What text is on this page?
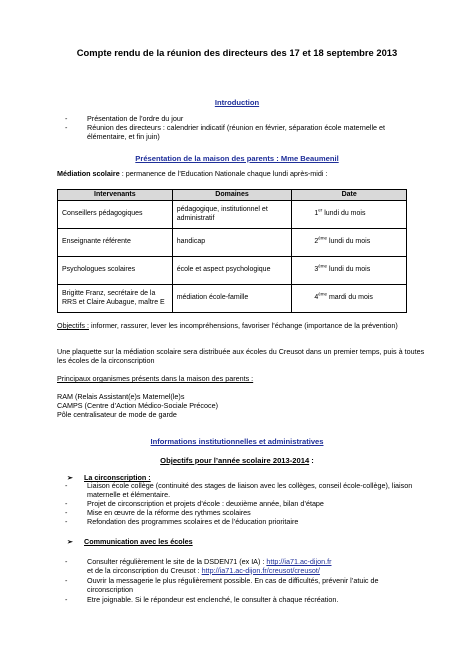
Compte rendu de la réunion des directeurs des 17 et 18 septembre 2013
Introduction
-	Présentation de l’ordre du jour
-	Réunion des directeurs : calendrier indicatif (réunion en février, séparation école maternelle et élémentaire, et fin juin)
Présentation de la maison des parents : Mme Beaumenil
Médiation scolaire : permanence de l’Education Nationale chaque lundi après-midi :
Intervenants	Domaines	Date
Conseillers pédagogiques	pédagogique, institutionnel et administratif	1er lundi du mois
Enseignante référente	handicap	2ème lundi du mois
Psychologues scolaires	école et aspect psychologique	3ème lundi du mois
Brigitte Franz, secrétaire de la RRS et Claire Aubague, maître E	médiation école-famille	4ème mardi du mois
Objectifs : informer, rassurer, lever les incompréhensions, favoriser l’échange (importance de la prévention)
Une plaquette sur la médiation scolaire sera distribuée aux écoles du Creusot dans un premier temps, puis à toutes les écoles de la circonscription
Principaux organismes présents dans la maison des parents :
RAM (Relais Assistant(e)s Maternel(le)s
CAMPS (Centre d’Action Médico-Sociale Précoce)
Pôle centralisateur de mode de garde
Informations institutionnelles et administratives
Objectifs pour l’année scolaire 2013-2014 :
➢ La circonscription :
-	Liaison école collège (continuité des stages de liaison avec les collèges, conseil école-collège), liaison maternelle et élémentaire.
-	Projet de circonscription et projets d’école : deuxième année, bilan d’étape
-	Mise en œuvre de la réforme des rythmes scolaires
-	Refondation des programmes scolaires et de l’éducation prioritaire
➢ Communication avec les écoles
-	Consulter régulièrement le site de la DSDEN71 (ex IA) : http://ia71.ac-dijon.fr
et de la circonscription du Creusot : http://ia71.ac-dijon.fr/creusot/creusot/
-	Ouvrir la messagerie le plus régulièrement possible. En cas de difficultés, prévenir l’atuic de circonscription
-	Etre joignable. Si le répondeur est enclenché, le consulter à chaque récréation.
